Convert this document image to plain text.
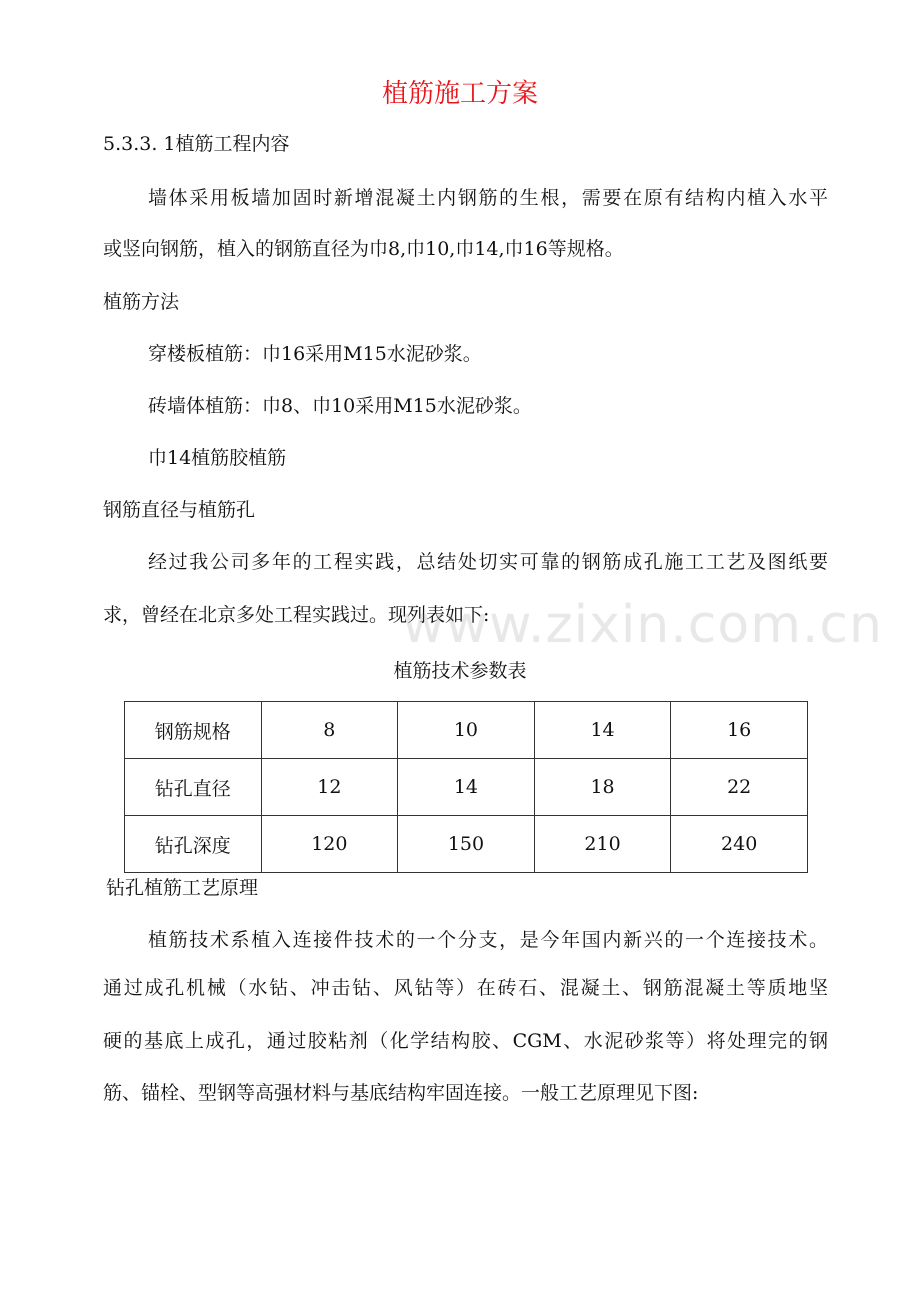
植筋施工方案
5.3.3. 1植筋工程内容
墙体采用板墙加固时新增混凝土内钢筋的生根，需要在原有结构内植入水平
或竖向钢筋，植入的钢筋直径为巾8,巾10,巾14,巾16等规格。
植筋方法
穿楼板植筋：巾16采用M15水泥砂浆。
砖墙体植筋：巾8、巾10采用M15水泥砂浆。
巾14植筋胶植筋
钢筋直径与植筋孔
经过我公司多年的工程实践，总结处切实可靠的钢筋成孔施工工艺及图纸要
求，曾经在北京多处工程实践过。现列表如下:
www.zixin.com.cn
植筋技术参数表
钢筋规格	8	10	14	16
钻孔直径	12	14	18	22
钻孔深度	120	150	210	240
钻孔植筋工艺原理
植筋技术系植入连接件技术的一个分支，是今年国内新兴的一个连接技术。
通过成孔机械（水钻、冲击钻、风钻等）在砖石、混凝土、钢筋混凝土等质地坚
硬的基底上成孔，通过胶粘剂（化学结构胶、CGM、水泥砂浆等）将处理完的钢
筋、锚栓、型钢等高强材料与基底结构牢固连接。一般工艺原理见下图:
